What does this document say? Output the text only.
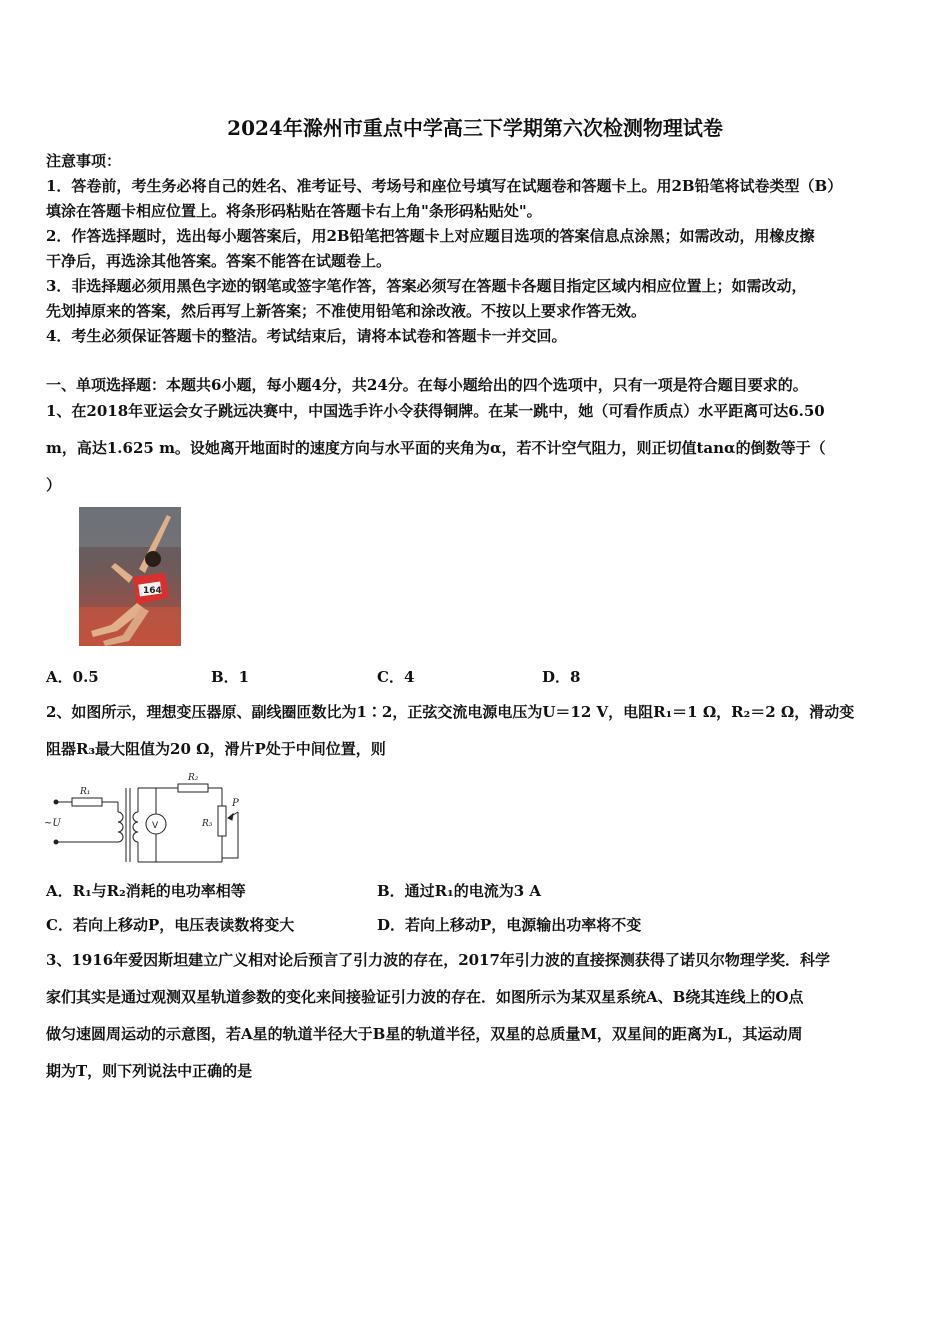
2024年滁州市重点中学高三下学期第六次检测物理试卷
注意事项：
1．答卷前，考生务必将自己的姓名、准考证号、考场号和座位号填写在试题卷和答题卡上。用2B铅笔将试卷类型（B）
填涂在答题卡相应位置上。将条形码粘贴在答题卡右上角"条形码粘贴处"。
2．作答选择题时，选出每小题答案后，用2B铅笔把答题卡上对应题目选项的答案信息点涂黑；如需改动，用橡皮擦
干净后，再选涂其他答案。答案不能答在试题卷上。
3．非选择题必须用黑色字迹的钢笔或签字笔作答，答案必须写在答题卡各题目指定区域内相应位置上；如需改动，
先划掉原来的答案，然后再写上新答案；不准使用铅笔和涂改液。不按以上要求作答无效。
4．考生必须保证答题卡的整洁。考试结束后，请将本试卷和答题卡一并交回。
一、单项选择题：本题共6小题，每小题4分，共24分。在每小题给出的四个选项中，只有一项是符合题目要求的。
1、在2018年亚运会女子跳远决赛中，中国选手许小令获得铜牌。在某一跳中，她（可看作质点）水平距离可达6.50
m，高达1.625 m。设她离开地面时的速度方向与水平面的夹角为α，若不计空气阻力，则正切值tanα的倒数等于（
）
164
A．0.5	B．1	C．4	D．8
2、如图所示，理想变压器原、副线圈匝数比为1∶2，正弦交流电源电压为U＝12 V，电阻R₁＝1 Ω，R₂＝2 Ω，滑动变
阻器R₃最大阻值为20 Ω，滑片P处于中间位置，则
R₁
R₂
R₃
~U	V
P
A．R₁与R₂消耗的电功率相等	B．通过R₁的电流为3 A
C．若向上移动P，电压表读数将变大	D．若向上移动P，电源输出功率将不变
3、1916年爱因斯坦建立广义相对论后预言了引力波的存在，2017年引力波的直接探测获得了诺贝尔物理学奖．科学
家们其实是通过观测双星轨道参数的变化来间接验证引力波的存在．如图所示为某双星系统A、B绕其连线上的O点
做匀速圆周运动的示意图，若A星的轨道半径大于B星的轨道半径，双星的总质量M，双星间的距离为L，其运动周
期为T，则下列说法中正确的是
